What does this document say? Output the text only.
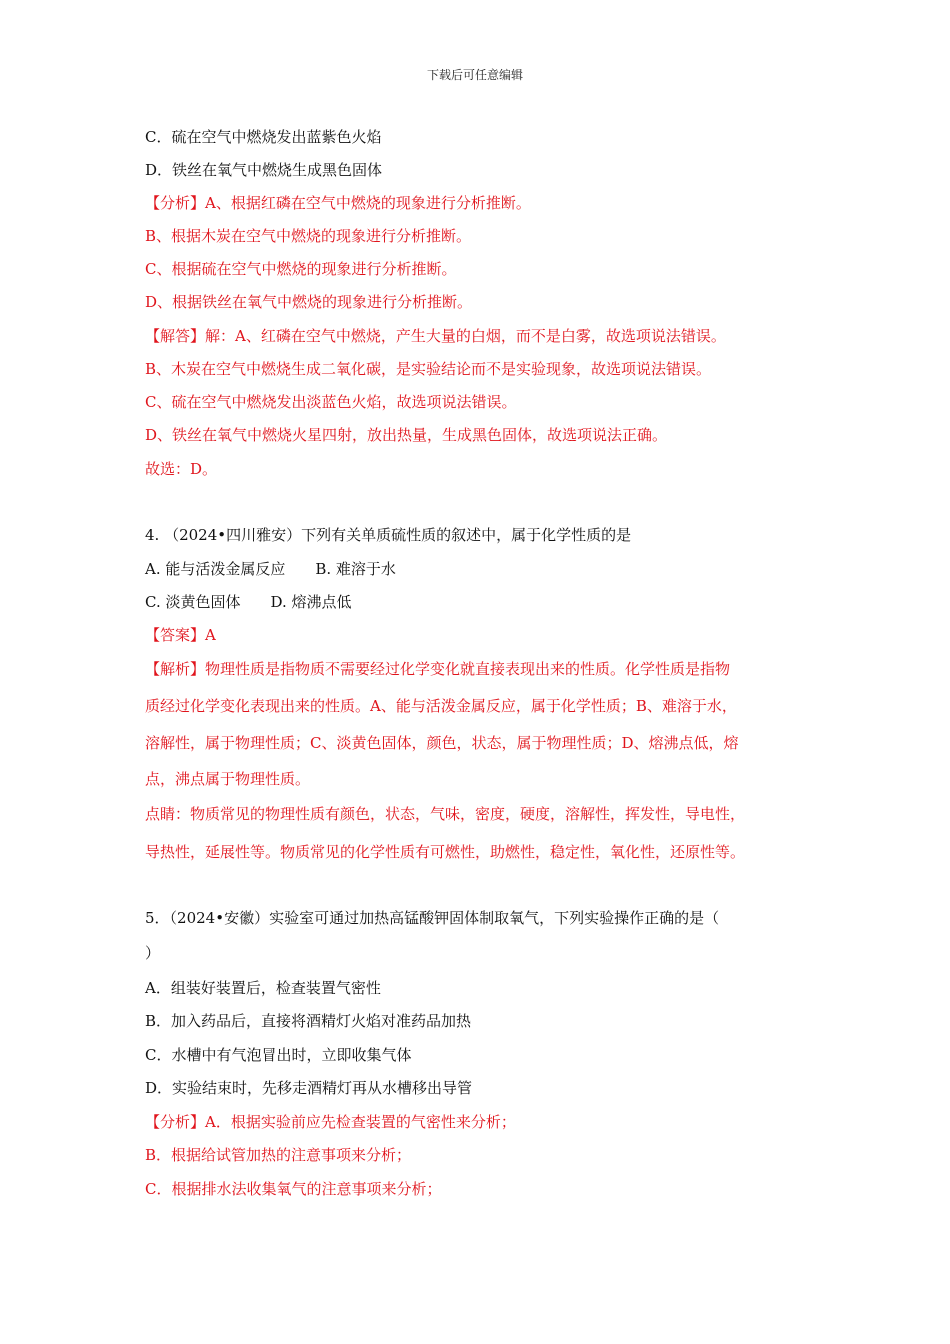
下载后可任意编辑
C．硫在空气中燃烧发出蓝紫色火焰
D．铁丝在氧气中燃烧生成黑色固体
【分析】A、根据红磷在空气中燃烧的现象进行分析推断。
B、根据木炭在空气中燃烧的现象进行分析推断。
C、根据硫在空气中燃烧的现象进行分析推断。
D、根据铁丝在氧气中燃烧的现象进行分析推断。
【解答】解：A、红磷在空气中燃烧，产生大量的白烟，而不是白雾，故选项说法错误。
B、木炭在空气中燃烧生成二氧化碳，是实验结论而不是实验现象，故选项说法错误。
C、硫在空气中燃烧发出淡蓝色火焰，故选项说法错误。
D、铁丝在氧气中燃烧火星四射，放出热量，生成黑色固体，故选项说法正确。
故选：D。
4. （2024•四川雅安）下列有关单质硫性质的叙述中，属于化学性质的是
A. 能与活泼金属反应 B. 难溶于水
C. 淡黄色固体 D. 熔沸点低
【答案】A
【解析】物理性质是指物质不需要经过化学变化就直接表现出来的性质。化学性质是指物
质经过化学变化表现出来的性质。A、能与活泼金属反应，属于化学性质；B、难溶于水，
溶解性，属于物理性质；C、淡黄色固体，颜色，状态，属于物理性质；D、熔沸点低，熔
点，沸点属于物理性质。
点睛：物质常见的物理性质有颜色，状态，气味，密度，硬度，溶解性，挥发性，导电性，
导热性，延展性等。物质常见的化学性质有可燃性，助燃性，稳定性，氧化性，还原性等。
5．（2024•安徽）实验室可通过加热高锰酸钾固体制取氧气，下列实验操作正确的是（
）
A．组装好装置后，检查装置气密性
B．加入药品后，直接将酒精灯火焰对准药品加热
C．水槽中有气泡冒出时，立即收集气体
D．实验结束时，先移走酒精灯再从水槽移出导管
【分析】A．根据实验前应先检查装置的气密性来分析；
B．根据给试管加热的注意事项来分析；
C．根据排水法收集氧气的注意事项来分析；
